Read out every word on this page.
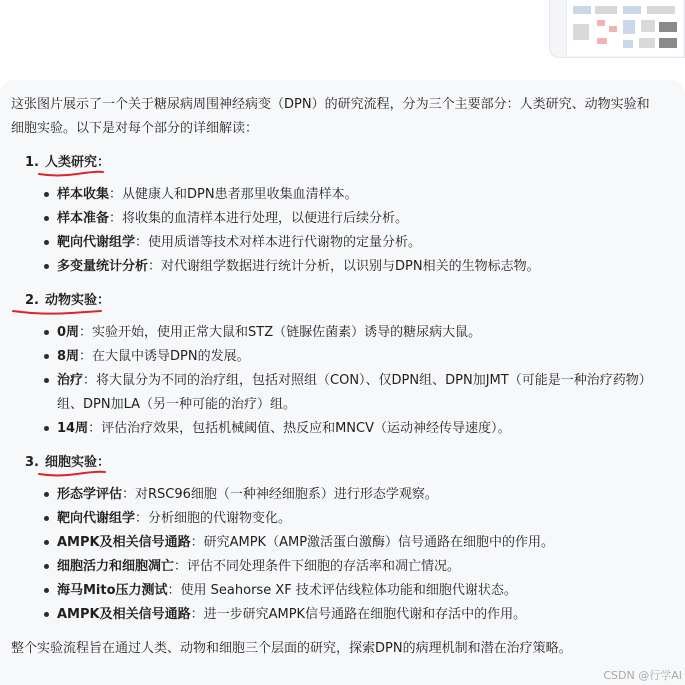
这张图片展示了一个关于糖尿病周围神经病变（DPN）的研究流程，分为三个主要部分：人类研究、动物实验和细胞实验。以下是对每个部分的详细解读：

1. 人类研究：
样本收集：从健康人和DPN患者那里收集血清样本。
样本准备：将收集的血清样本进行处理，以便进行后续分析。
靶向代谢组学：使用质谱等技术对样本进行代谢物的定量分析。
多变量统计分析：对代谢组学数据进行统计分析，以识别与DPN相关的生物标志物。
2. 动物实验：
0周：实验开始，使用正常大鼠和STZ（链脲佐菌素）诱导的糖尿病大鼠。
8周：在大鼠中诱导DPN的发展。
治疗：将大鼠分为不同的治疗组，包括对照组（CON）、仅DPN组、DPN加JMT（可能是一种治疗药物）组、DPN加LA（另一种可能的治疗）组。
14周：评估治疗效果，包括机械阈值、热反应和MNCV（运动神经传导速度）。
3. 细胞实验：
形态学评估：对RSC96细胞（一种神经细胞系）进行形态学观察。
靶向代谢组学：分析细胞的代谢物变化。
AMPK及相关信号通路：研究AMPK（AMP激活蛋白激酶）信号通路在细胞中的作用。
细胞活力和细胞凋亡：评估不同处理条件下细胞的存活率和凋亡情况。
海马Mito压力测试：使用 Seahorse XF 技术评估线粒体功能和细胞代谢状态。
AMPK及相关信号通路：进一步研究AMPK信号通路在细胞代谢和存活中的作用。

整个实验流程旨在通过人类、动物和细胞三个层面的研究，探索DPN的病理机制和潜在治疗策略。

CSDN @行学AI
